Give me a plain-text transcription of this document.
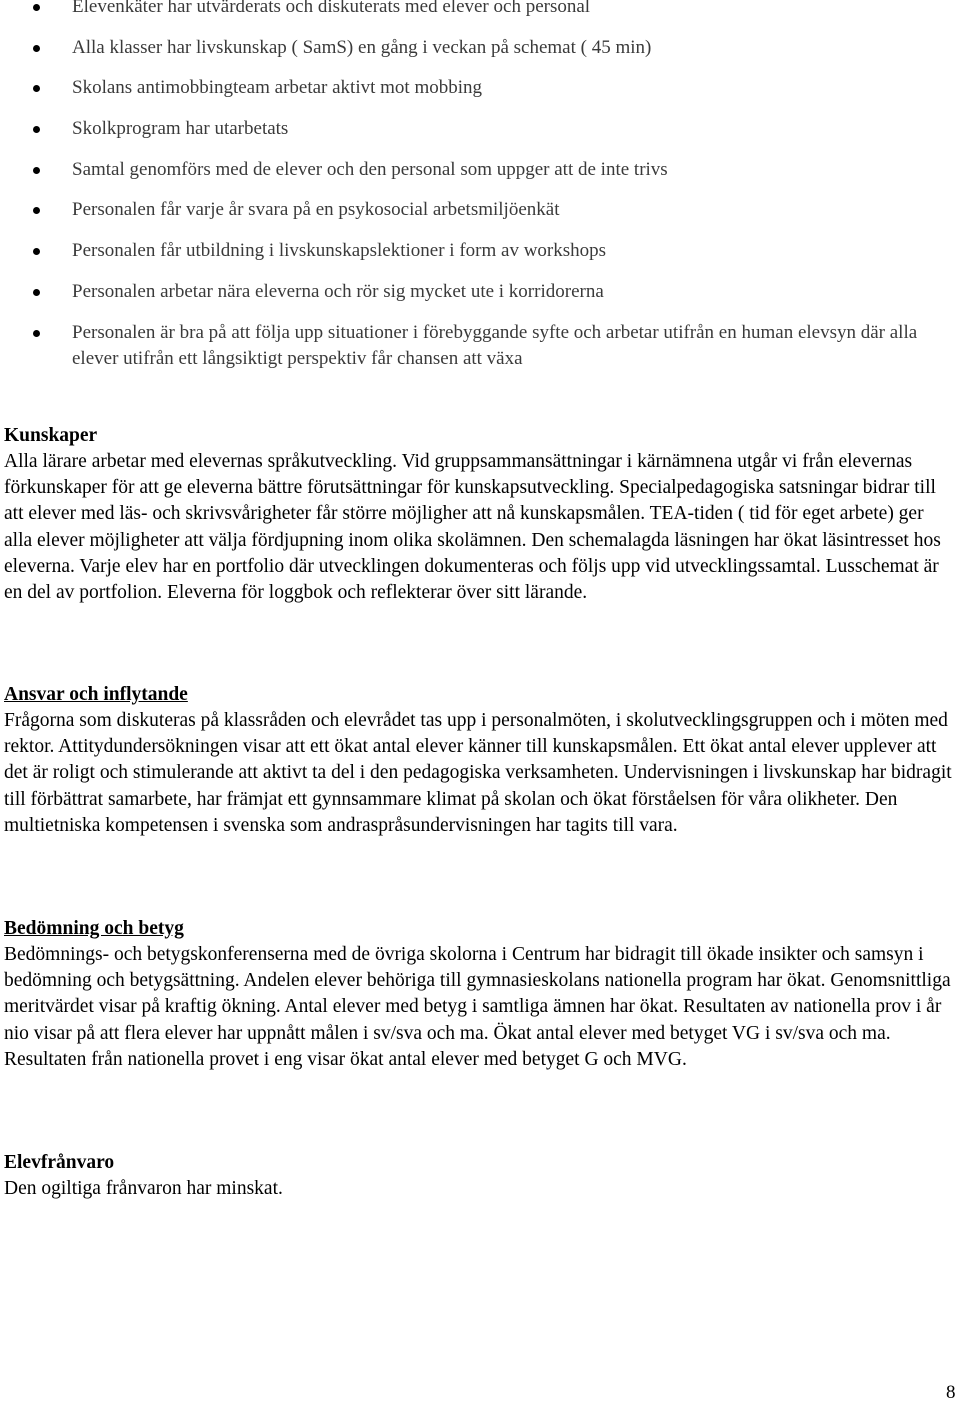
Elevenkäter har utvärderats och diskuterats med elever och personal
Alla klasser har livskunskap ( SamS) en gång i veckan på schemat ( 45 min)
Skolans antimobbingteam arbetar aktivt mot mobbing
Skolkprogram har utarbetats
Samtal genomförs med de elever och den personal som uppger att de inte trivs
Personalen får varje år svara på en psykosocial arbetsmiljöenkät
Personalen får utbildning i livskunskapslektioner i form av workshops
Personalen arbetar nära eleverna och rör sig mycket ute i korridorerna
Personalen är bra på att följa upp situationer i förebyggande syfte och arbetar utifrån en human elevsyn där alla elever utifrån ett långsiktigt perspektiv får chansen att växa
Kunskaper

Alla lärare arbetar med elevernas språkutveckling. Vid gruppsammansättningar i kärnämnena utgår vi från elevernas förkunskaper för att ge eleverna bättre förutsättningar för kunskapsutveckling. Specialpedagogiska satsningar bidrar till att elever med läs- och skrivsvårigheter får större möjligher att nå kunskapsmålen. TEA-tiden ( tid för eget arbete) ger alla elever möjligheter att välja fördjupning inom olika skolämnen. Den schemalagda läsningen har ökat läsintresset hos eleverna. Varje elev har en portfolio där utvecklingen dokumenteras och följs upp vid utvecklingssamtal. Lusschemat är en del av portfolion. Eleverna för loggbok och reflekterar över sitt lärande.

Ansvar och inflytande

Frågorna som diskuteras på klassråden och elevrådet tas upp i personalmöten, i skolutvecklingsgruppen och i möten med rektor. Attitydundersökningen visar att ett ökat antal elever känner till kunskapsmålen. Ett ökat antal elever upplever att det är roligt och stimulerande att aktivt ta del i den pedagogiska verksamheten. Undervisningen i livskunskap har bidragit till förbättrat samarbete, har främjat ett gynnsammare klimat på skolan och ökat förståelsen för våra olikheter. Den multietniska kompetensen i svenska som andraspråsundervisningen har tagits till vara.

Bedömning och betyg

Bedömnings- och betygskonferenserna med de övriga skolorna i Centrum har bidragit till ökade insikter och samsyn i bedömning och betygsättning. Andelen elever behöriga till gymnasieskolans nationella program har ökat. Genomsnittliga meritvärdet visar på kraftig ökning. Antal elever med betyg i samtliga ämnen har ökat. Resultaten av nationella prov i år nio visar på att flera elever har uppnått målen i sv/sva och ma. Ökat antal elever med betyget VG i sv/sva och ma. Resultaten från nationella provet i eng visar ökat antal elever med betyget G och MVG.

Elevfrånvaro

Den ogiltiga frånvaron har minskat.

8
